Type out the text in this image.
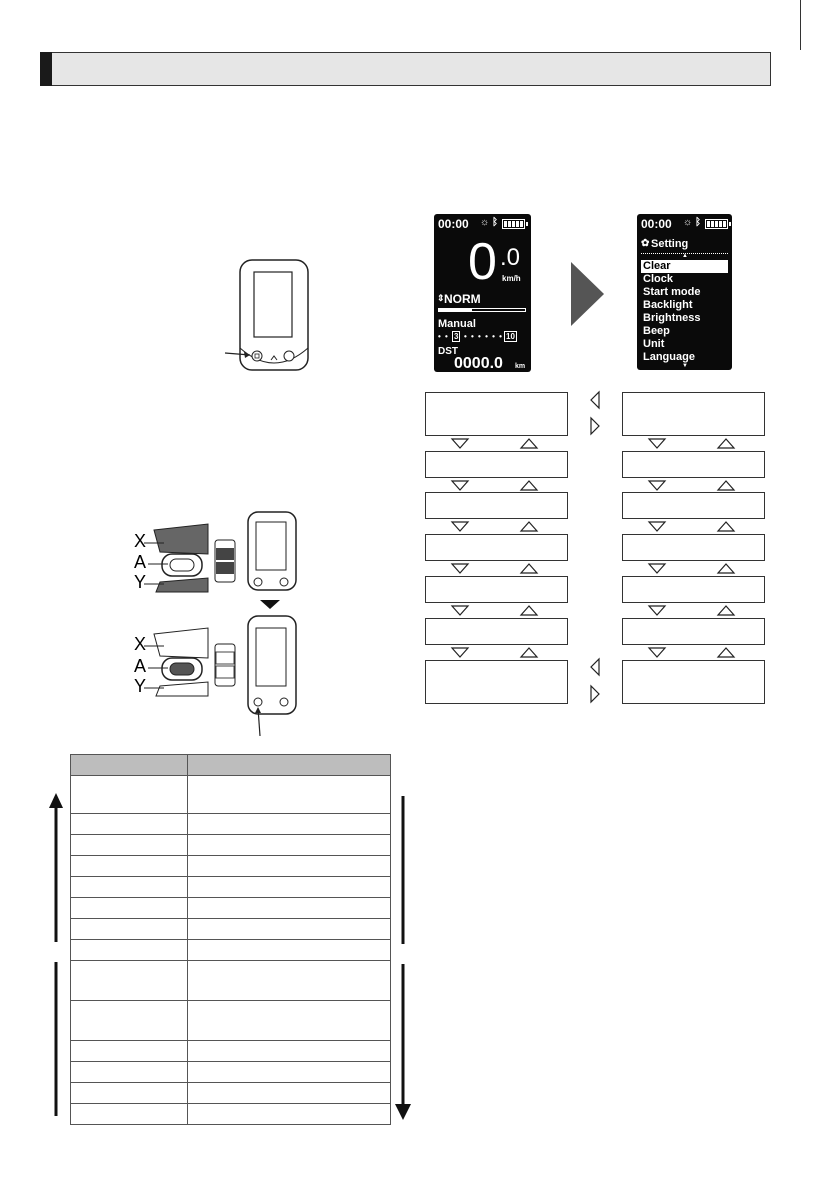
X
A
Y
X
A
Y
00:00 ☼ ᛒ
0 .0
km/h
⇕ NORM
Manual
• • 3 • • • • • • 10
DST
0000.0 km
00:00 ☼ ᛒ
✿ Setting
▲
Clear
Clock
Start mode
Backlight
Brightness
Beep
Unit
Language
▼
